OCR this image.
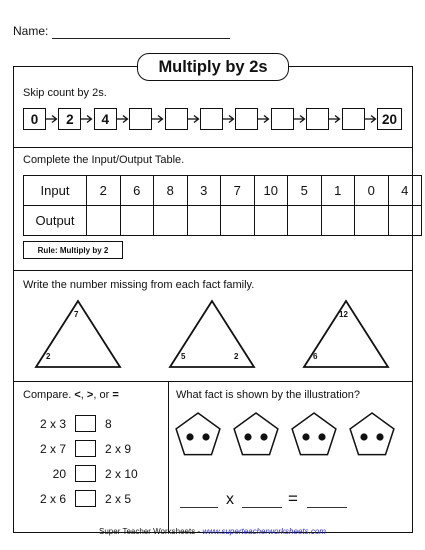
Name:
Multiply by 2s
Skip count by 2s.
0	2	4	20
Complete the Input/Output Table.
Input	2	6	8	3	7	10	5	1	0	4
Output										
Rule: Multiply by 2
Write the number missing from each fact family.
7
2	5	2
12
6
Compare. <, >, or =
2 x 3	8
2 x 7	2 x 9
20	2 x 10
2 x 6	2 x 5
What fact is shown by the illustration?
x	=
Super Teacher Worksheets - www.superteacherworksheets.com
